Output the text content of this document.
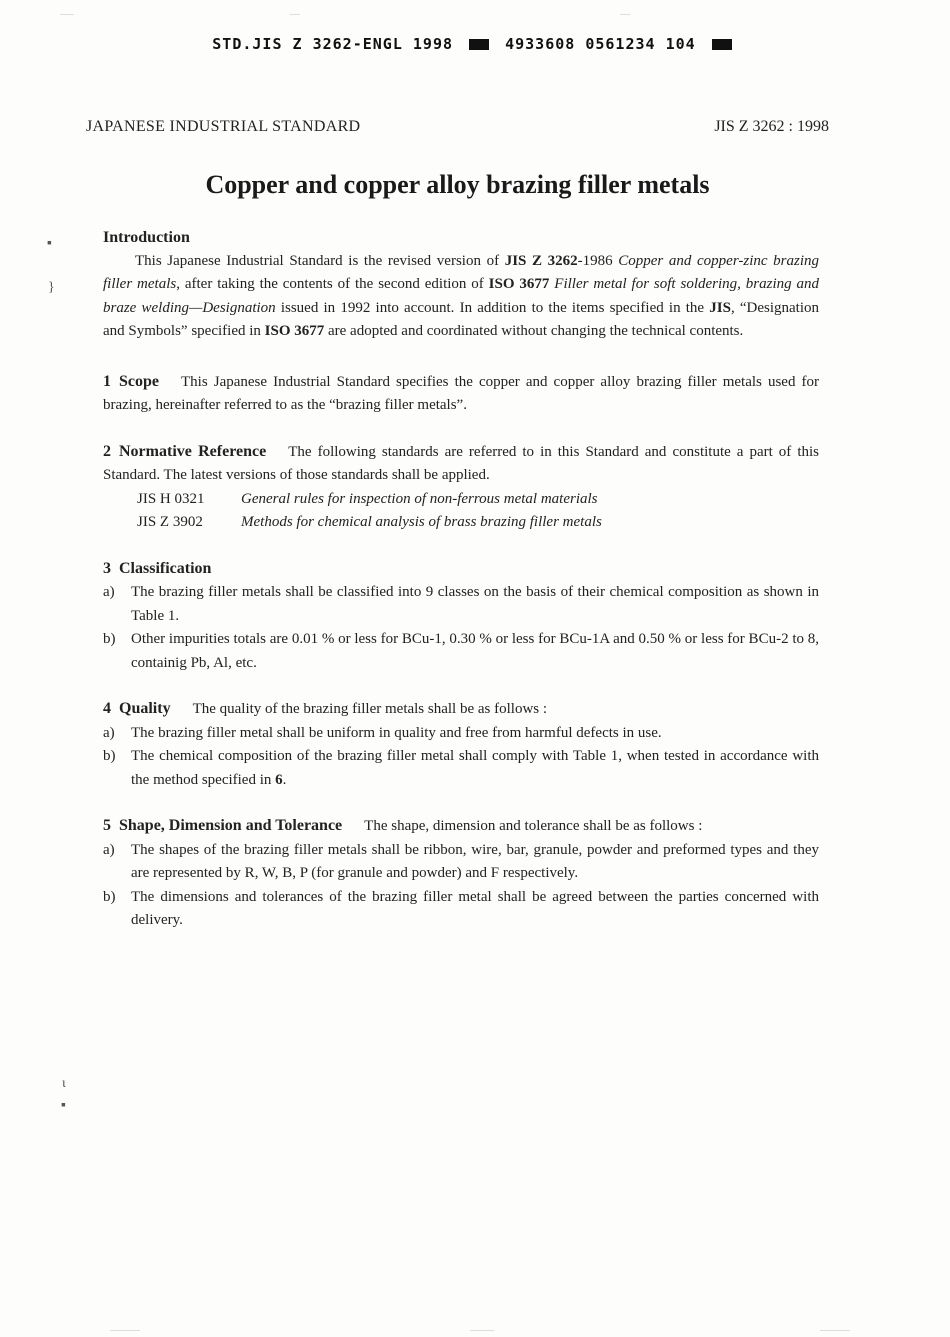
STD.JIS Z 3262-ENGL 1998	4933608 0561234 104
JAPANESE INDUSTRIAL STANDARD	JIS Z 3262 : 1998
Copper and copper alloy brazing filler metals
▪
}
ι
▪

Introduction

This Japanese Industrial Standard is the revised version of JIS Z 3262-1986 Copper and copper-zinc brazing filler metals, after taking the contents of the second edition of ISO 3677 Filler metal for soft soldering, brazing and braze welding—Designation issued in 1992 into account. In addition to the items specified in the JIS, “Designation and Symbols” specified in ISO 3677 are adopted and coordinated without changing the technical contents.

1 Scope This Japanese Industrial Standard specifies the copper and copper alloy brazing filler metals used for brazing, hereinafter referred to as the “brazing filler metals”.

2 Normative Reference The following standards are referred to in this Standard and constitute a part of this Standard. The latest versions of those standards shall be applied.

JIS H 0321 General rules for inspection of non-ferrous metal materials
JIS Z 3902	Methods for chemical analysis of brass brazing filler metals

3 Classification

a) The brazing filler metals shall be classified into 9 classes on the basis of their chemical composition as shown in Table 1.
b) Other impurities totals are 0.01 % or less for BCu-1, 0.30 % or less for BCu-1A and 0.50 % or less for BCu-2 to 8, containig Pb, Al, etc.

4 Quality The quality of the brazing filler metals shall be as follows :

a) The brazing filler metal shall be uniform in quality and free from harmful defects in use.
b) The chemical composition of the brazing filler metal shall comply with Table 1, when tested in accordance with the method specified in 6.

5 Shape, Dimension and Tolerance The shape, dimension and tolerance shall be as follows :

a) The shapes of the brazing filler metals shall be ribbon, wire, bar, granule, powder and preformed types and they are represented by R, W, B, P (for granule and powder) and F respectively.
b) The dimensions and tolerances of the brazing filler metal shall be agreed between the parties concerned with delivery.
